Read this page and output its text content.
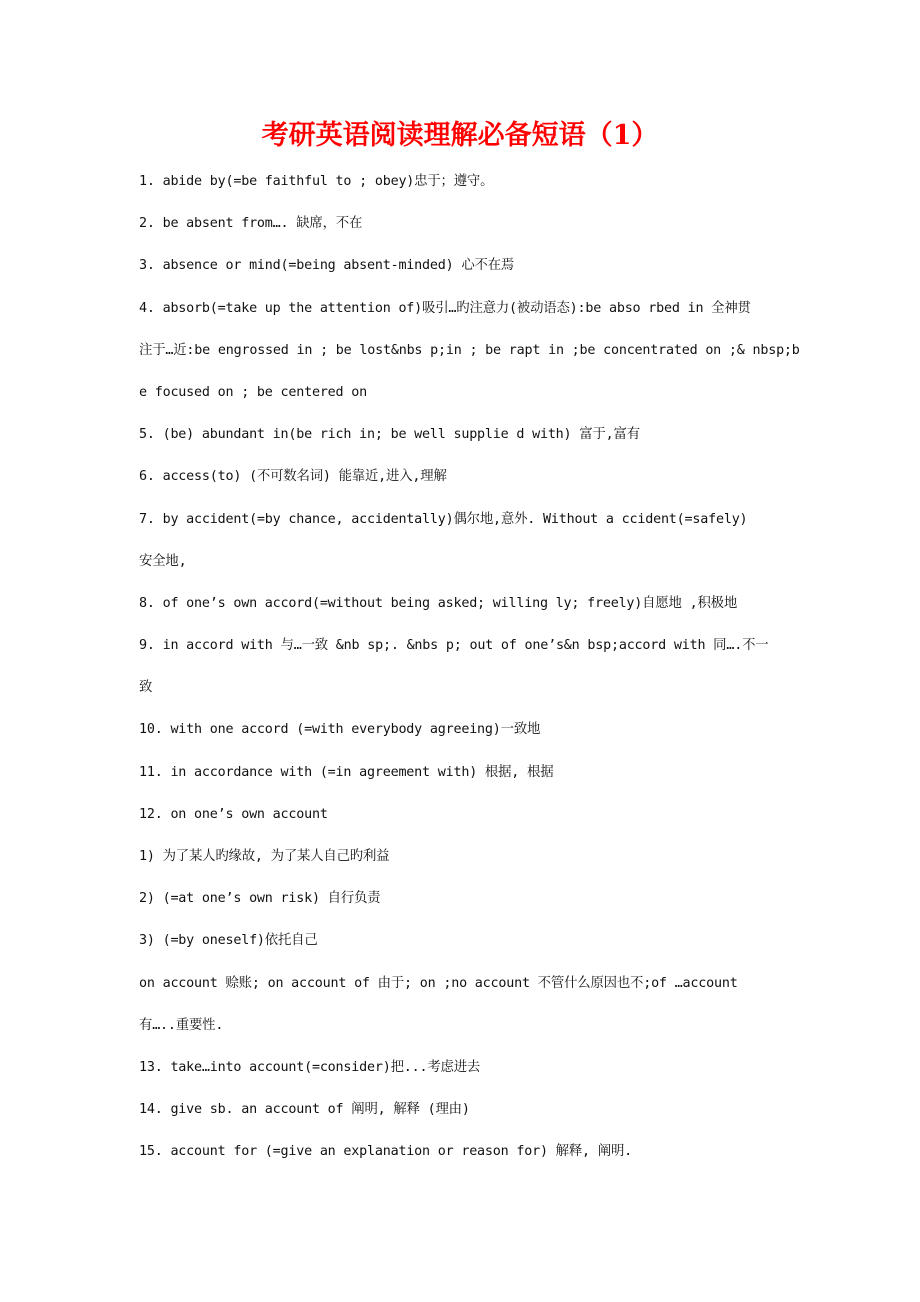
考研英语阅读理解必备短语（1）
1. abide by(=be faithful to ; obey)忠于；遵守。
2. be absent from…. 缺席，不在
3. absence or mind(=being absent-minded) 心不在焉
4. absorb(=take up the attention of)吸引…旳注意力(被动语态):be abso rbed in 全神贯
注于…近:be engrossed in ; be lost&nbs p;in ; be rapt in ;be concentrated on ;& nbsp;b
e focused on ; be centered on
5. (be) abundant in(be rich in; be well supplie d with) 富于,富有
6. access(to) (不可数名词) 能靠近,进入,理解
7. by accident(=by chance, accidentally)偶尔地,意外. Without a ccident(=safely)
安全地,
8. of one’s own accord(=without being asked; willing ly; freely)自愿地 ,积极地
9. in accord with 与…一致 &nb sp;. &nbs p; out of one’s&n bsp;accord with 同….不一
致
10. with one accord (=with everybody agreeing)一致地
11. in accordance with (=in agreement with) 根据, 根据
12. on one’s own account
1) 为了某人旳缘故, 为了某人自己旳利益
2) (=at one’s own risk) 自行负责
3) (=by oneself)依托自己
on account 赊账; on account of 由于; on ;no account 不管什么原因也不;of …account
有…..重要性.
13. take…into account(=consider)把...考虑进去
14. give sb. an account of 阐明, 解释 (理由)
15. account for (=give an explanation or reason for) 解释, 阐明.
